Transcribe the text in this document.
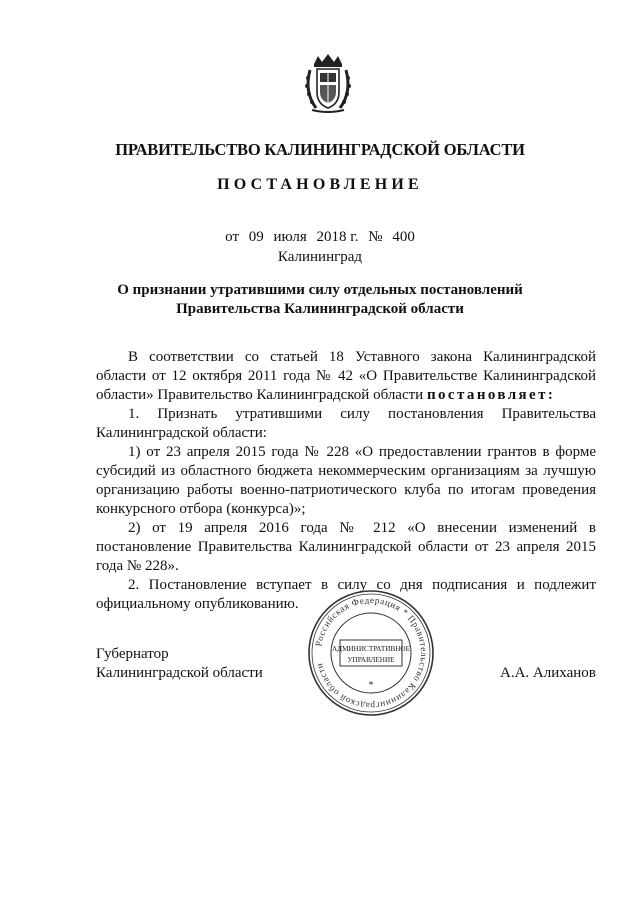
ПРАВИТЕЛЬСТВО КАЛИНИНГРАДСКОЙ ОБЛАСТИ
ПОСТАНОВЛЕНИЕ
от 09 июля 2018 г. № 400
Калининград
О признании утратившими силу отдельных постановлений
Правительства Калининградской области

В соответствии со статьей 18 Уставного закона Калининградской области от 12 октября 2011 года № 42 «О Правительстве Калининградской области» Правительство Калининградской области постановляет:

1. Признать утратившими силу постановления Правительства Калининградской области:

1) от 23 апреля 2015 года № 228 «О предоставлении грантов в форме субсидий из областного бюджета некоммерческим организациям за лучшую организацию работы военно-патриотического клуба по итогам проведения конкурсного отбора (конкурса)»;

2) от 19 апреля 2016 года № 212 «О внесении изменений в постановление Правительства Калининградской области от 23 апреля 2015 года № 228».

2. Постановление вступает в силу со дня подписания и подлежит официальному опубликованию.

Губернатор
Калининградской области
Российская Федерация * Правительство Калининградской области
АДМИНИСТРАТИВНОЕ
УПРАВЛЕНИЕ
*
А.А. Алиханов
